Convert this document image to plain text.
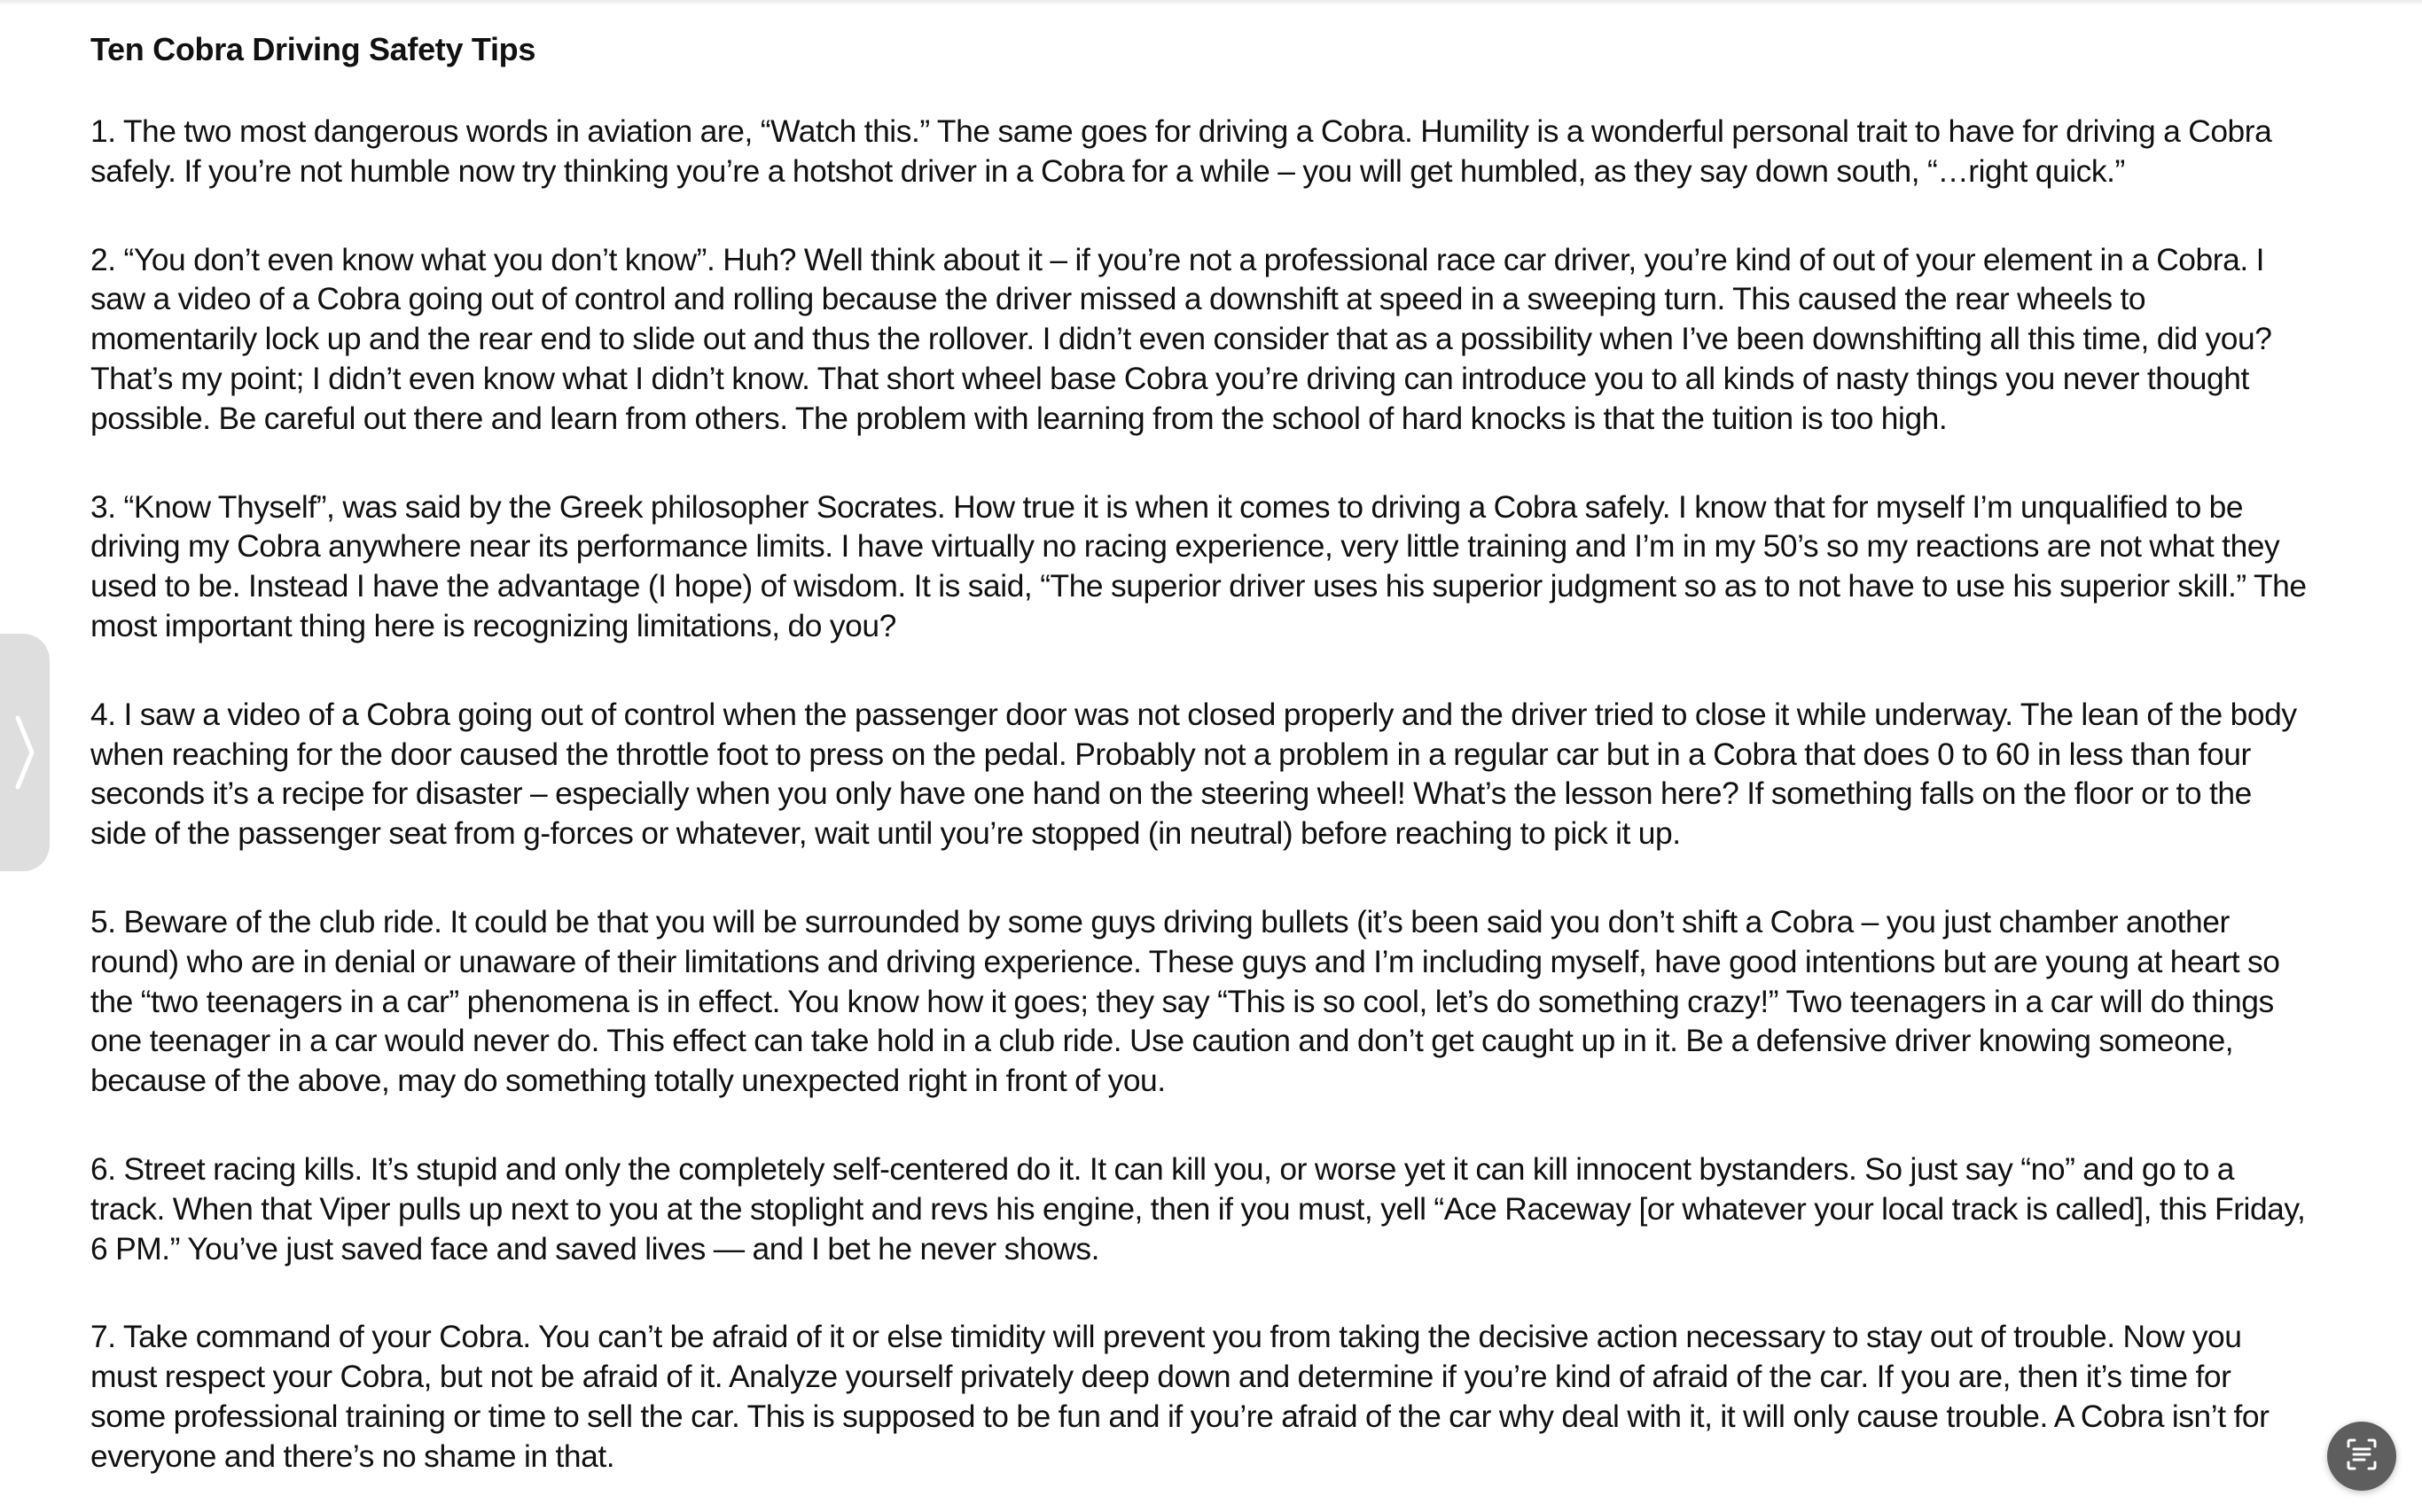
Ten Cobra Driving Safety Tips

1. The two most dangerous words in aviation are, “Watch this.” The same goes for driving a Cobra. Humility is a wonderful personal trait to have for driving a Cobra safely. If you’re not humble now try thinking you’re a hotshot driver in a Cobra for a while – you will get humbled, as they say down south, “…right quick.”

2. “You don’t even know what you don’t know”. Huh? Well think about it – if you’re not a professional race car driver, you’re kind of out of your element in a Cobra. I saw a video of a Cobra going out of control and rolling because the driver missed a downshift at speed in a sweeping turn. This caused the rear wheels to momentarily lock up and the rear end to slide out and thus the rollover. I didn’t even consider that as a possibility when I’ve been downshifting all this time, did you? That’s my point; I didn’t even know what I didn’t know. That short wheel base Cobra you’re driving can introduce you to all kinds of nasty things you never thought possible. Be careful out there and learn from others. The problem with learning from the school of hard knocks is that the tuition is too high.

3. “Know Thyself”, was said by the Greek philosopher Socrates. How true it is when it comes to driving a Cobra safely. I know that for myself I’m unqualified to be driving my Cobra anywhere near its performance limits. I have virtually no racing experience, very little training and I’m in my 50’s so my reactions are not what they used to be. Instead I have the advantage (I hope) of wisdom. It is said, “The superior driver uses his superior judgment so as to not have to use his superior skill.” The most important thing here is recognizing limitations, do you?

4. I saw a video of a Cobra going out of control when the passenger door was not closed properly and the driver tried to close it while underway. The lean of the body when reaching for the door caused the throttle foot to press on the pedal. Probably not a problem in a regular car but in a Cobra that does 0 to 60 in less than four seconds it’s a recipe for disaster – especially when you only have one hand on the steering wheel! What’s the lesson here? If something falls on the floor or to the side of the passenger seat from g-forces or whatever, wait until you’re stopped (in neutral) before reaching to pick it up.

5. Beware of the club ride. It could be that you will be surrounded by some guys driving bullets (it’s been said you don’t shift a Cobra – you just chamber another round) who are in denial or unaware of their limitations and driving experience. These guys and I’m including myself, have good intentions but are young at heart so the “two teenagers in a car” phenomena is in effect. You know how it goes; they say “This is so cool, let’s do something crazy!” Two teenagers in a car will do things one teenager in a car would never do. This effect can take hold in a club ride. Use caution and don’t get caught up in it. Be a defensive driver knowing someone, because of the above, may do something totally unexpected right in front of you.

6. Street racing kills. It’s stupid and only the completely self-centered do it. It can kill you, or worse yet it can kill innocent bystanders. So just say “no” and go to a track. When that Viper pulls up next to you at the stoplight and revs his engine, then if you must, yell “Ace Raceway [or whatever your local track is called], this Friday, 6 PM.” You’ve just saved face and saved lives — and I bet he never shows.

7. Take command of your Cobra. You can’t be afraid of it or else timidity will prevent you from taking the decisive action necessary to stay out of trouble. Now you must respect your Cobra, but not be afraid of it. Analyze yourself privately deep down and determine if you’re kind of afraid of the car. If you are, then it’s time for some professional training or time to sell the car. This is supposed to be fun and if you’re afraid of the car why deal with it, it will only cause trouble. A Cobra isn’t for everyone and there’s no shame in that.
